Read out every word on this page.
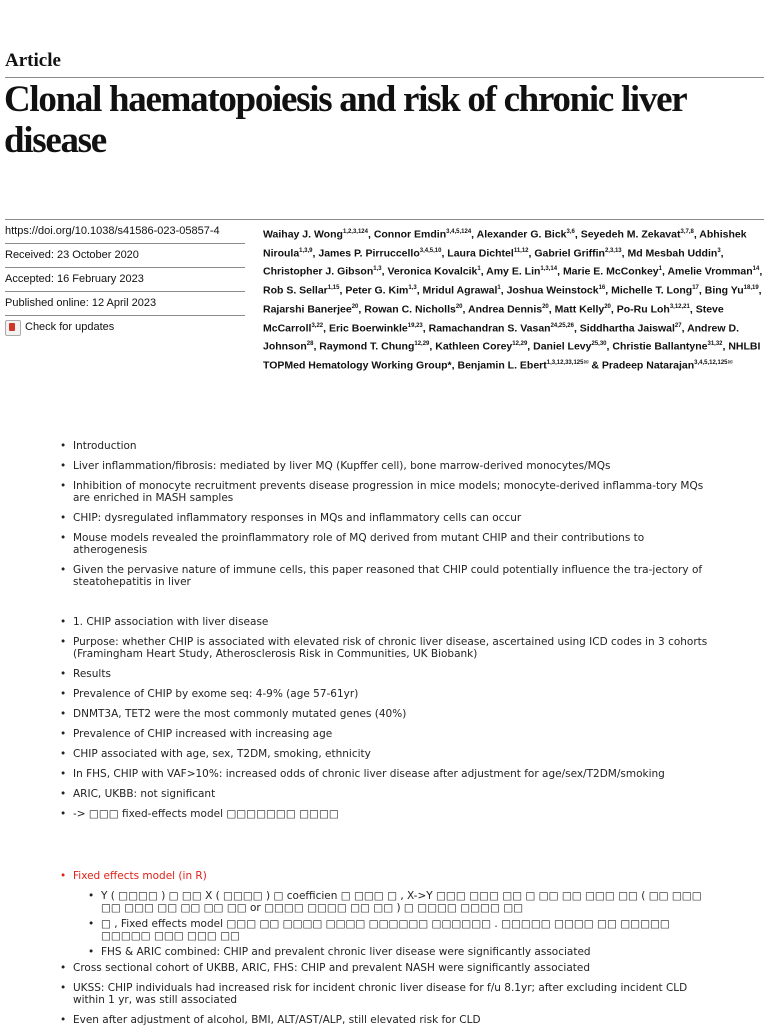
Article
Clonal haematopoiesis and risk of chronic liver disease
https://doi.org/10.1038/s41586-023-05857-4
Received: 23 October 2020
Accepted: 16 February 2023
Published online: 12 April 2023
Check for updates

Waihay J. Wong$^{1,2,3,124}$, Connor Emdin$^{3,4,5,124}$, Alexander G. Bick$^{3,6}$, Seyedeh M. Zekavat$^{3,7,8}$, Abhishek Niroula$^{1,3,9}$, James P. Pirruccello$^{3,4,5,10}$, Laura Dichtel$^{11,12}$, Gabriel Griffin$^{2,3,13}$, Md Mesbah Uddin$^3$, Christopher J. Gibson$^{1,3}$, Veronica Kovalcik$^1$, Amy E. Lin$^{1,3,14}$, Marie E. McConkey$^1$, Amelie Vromman$^{14}$, Rob S. Sellar$^{1,15}$, Peter G. Kim$^{1,3}$, Mridul Agrawal$^1$, Joshua Weinstock$^{16}$, Michelle T. Long$^{17}$, Bing Yu$^{18,19}$, Rajarshi Banerjee$^{20}$, Rowan C. Nicholls$^{20}$, Andrea Dennis$^{20}$, Matt Kelly$^{20}$, Po-Ru Loh$^{3,12,21}$, Steve McCarroll$^{3,22}$, Eric Boerwinkle$^{19,23}$, Ramachandran S. Vasan$^{24,25,26}$, Siddhartha Jaiswal$^{27}$, Andrew D. Johnson$^{28}$, Raymond T. Chung$^{12,29}$, Kathleen Corey$^{12,29}$, Daniel Levy$^{25,30}$, Christie Ballantyne$^{31,32}$, NHLBI TOPMed Hematology Working Group*, Benjamin L. Ebert$^{1,3,12,33,125✉}$ & Pradeep Natarajan$^{3,4,5,12,125✉}$

• Introduction
• Liver inflammation/fibrosis: mediated by liver MQ (Kupffer cell), bone marrow-derived monocytes/MQs
• Inhibition of monocyte recruitment prevents disease progression in mice models; monocyte-derived inflamma-tory MQs are enriched in MASH samples
• CHIP: dysregulated inflammatory responses in MQs and inflammatory cells can occur
• Mouse models revealed the proinflammatory role of MQ derived from mutant CHIP and their contributions to atherogenesis
• Given the pervasive nature of immune cells, this paper reasoned that CHIP could potentially influence the tra-jectory of steatohepatitis in liver
• 1. CHIP association with liver disease
• Purpose: whether CHIP is associated with elevated risk of chronic liver disease, ascertained using ICD codes in 3 cohorts (Framingham Heart Study, Atherosclerosis Risk in Communities, UK Biobank)
• Results
• Prevalence of CHIP by exome seq: 4-9% (age 57-61yr)
• DNMT3A, TET2 were the most commonly mutated genes (40%)
• Prevalence of CHIP increased with increasing age
• CHIP associated with age, sex, T2DM, smoking, ethnicity
• In FHS, CHIP with VAF>10%: increased odds of chronic liver disease after adjustment for age/sex/T2DM/smoking
• ARIC, UKBB: not significant
• -> □□□ fixed-effects model □□□□□□□ □□□□
• Fixed effects model (in R)
• Y ( □□□□ ) □ □□ X ( □□□□ ) □ coefficien □ □□□ □ , X->Y □□□ □□□ □□ □ □□ □□ □□□ □□ ( □□ □□□ □□ □□□ □□ □□ □□ □□ or □□□□ □□□□ □□ □□ ) □ □□□□ □□□□ □□
• □ , Fixed effects model □□□ □□ □□□□ □□□□ □□□□□□ □□□□□□ . □□□□□ □□□□ □□ □□□□□ □□□□□ □□□ □□□ □□
• FHS & ARIC combined: CHIP and prevalent chronic liver disease were significantly associated
• Cross sectional cohort of UKBB, ARIC, FHS: CHIP and prevalent NASH were significantly associated
• UKSS: CHIP individuals had increased risk for incident chronic liver disease for f/u 8.1yr; after excluding incident CLD within 1 yr, was still associated
• Even after adjustment of alcohol, BMI, ALT/AST/ALP, still elevated risk for CLD
